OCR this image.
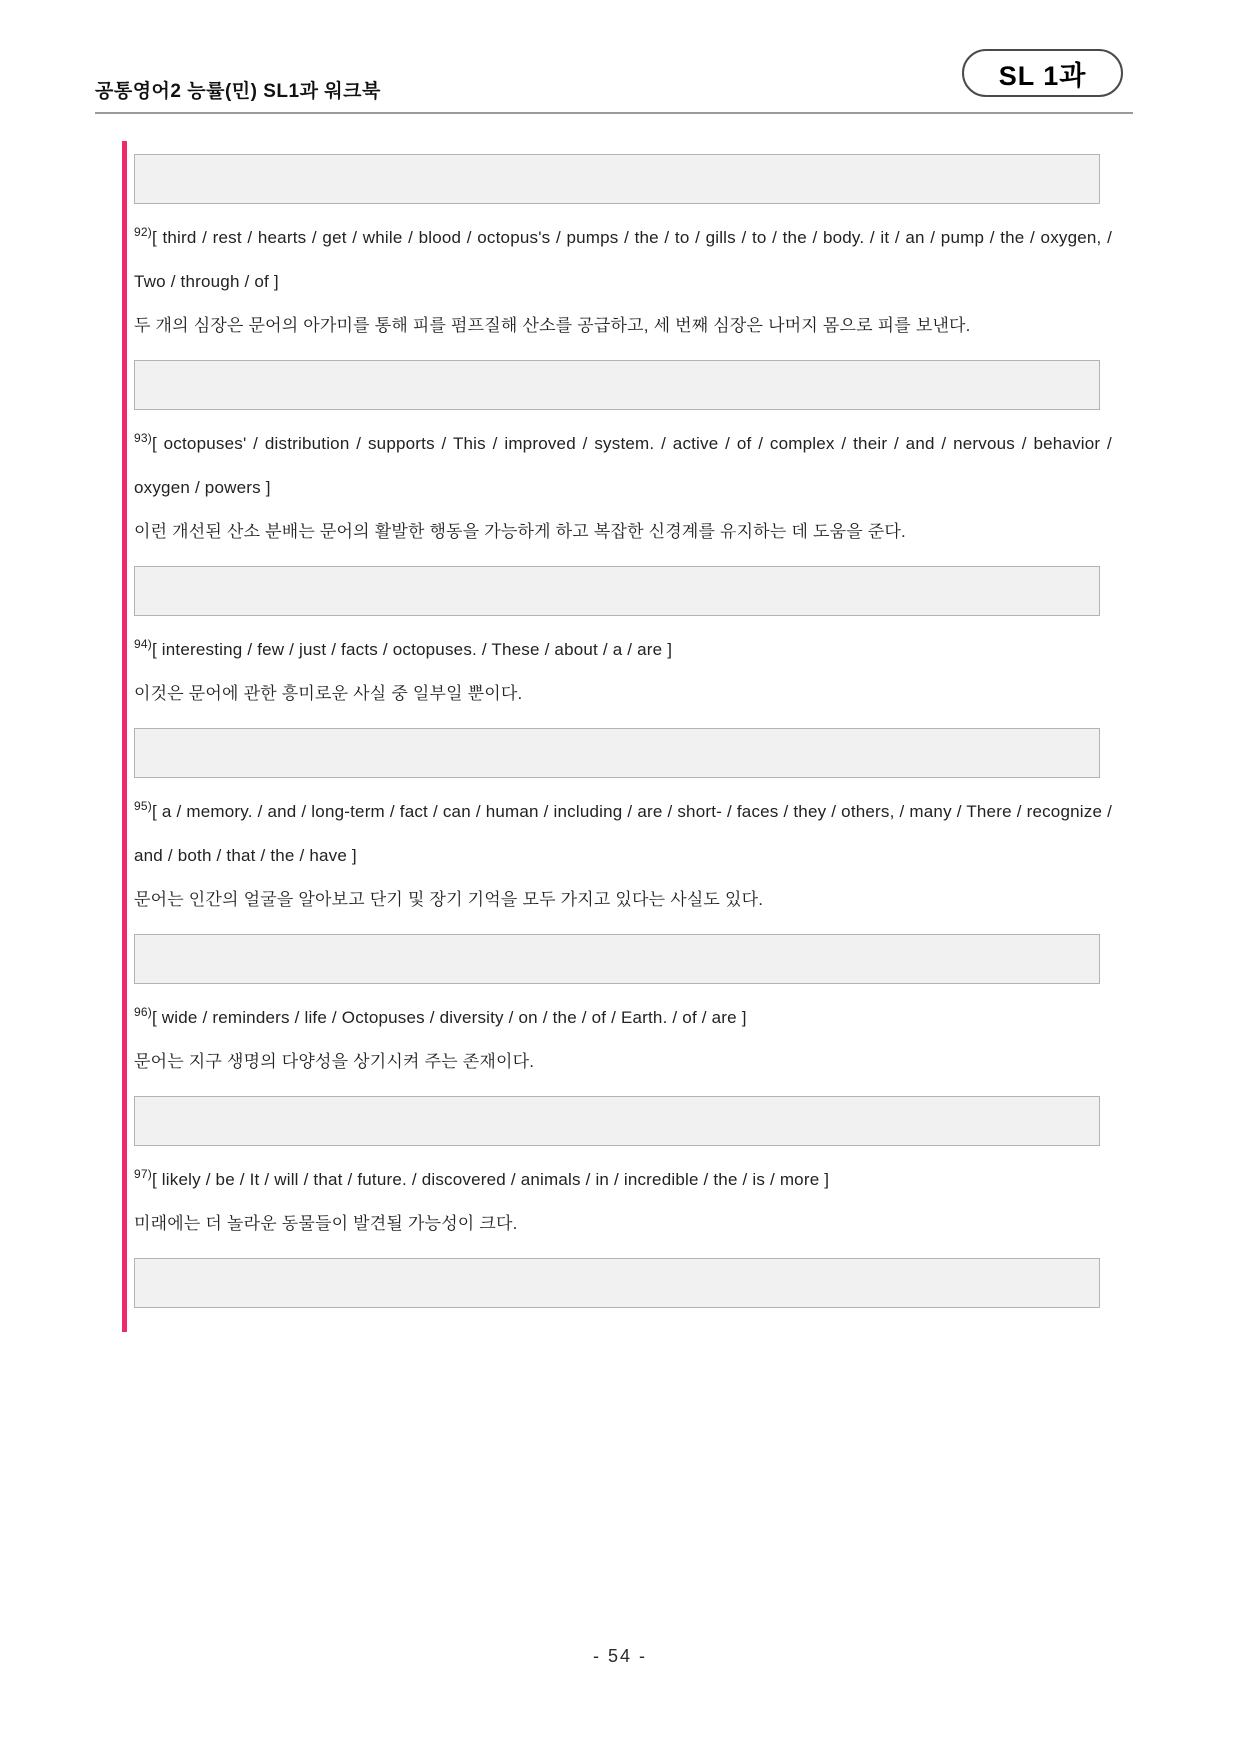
공통영어2 능률(민) SL1과 워크북
SL 1과

$^{92)}$[ third / rest / hearts / get / while / blood / octopus's / pumps / the / to / gills / to / the / body. / it / an / pump / the / oxygen, / Two / through / of ]

두 개의 심장은 문어의 아가미를 통해 피를 펌프질해 산소를 공급하고, 세 번째 심장은 나머지 몸으로 피를 보낸다.

$^{93)}$[ octopuses' / distribution / supports / This / improved / system. / active / of / complex / their / and / nervous / behavior / oxygen / powers ]

이런 개선된 산소 분배는 문어의 활발한 행동을 가능하게 하고 복잡한 신경계를 유지하는 데 도움을 준다.

$^{94)}$[ interesting / few / just / facts / octopuses. / These / about / a / are ]

이것은 문어에 관한 흥미로운 사실 중 일부일 뿐이다.

$^{95)}$[ a / memory. / and / long-term / fact / can / human / including / are / short- / faces / they / others, / many / There / recognize / and / both / that / the / have ]

문어는 인간의 얼굴을 알아보고 단기 및 장기 기억을 모두 가지고 있다는 사실도 있다.

$^{96)}$[ wide / reminders / life / Octopuses / diversity / on / the / of / Earth. / of / are ]

문어는 지구 생명의 다양성을 상기시켜 주는 존재이다.

$^{97)}$[ likely / be / It / will / that / future. / discovered / animals / in / incredible / the / is / more ]

미래에는 더 놀라운 동물들이 발견될 가능성이 크다.

- 54 -
